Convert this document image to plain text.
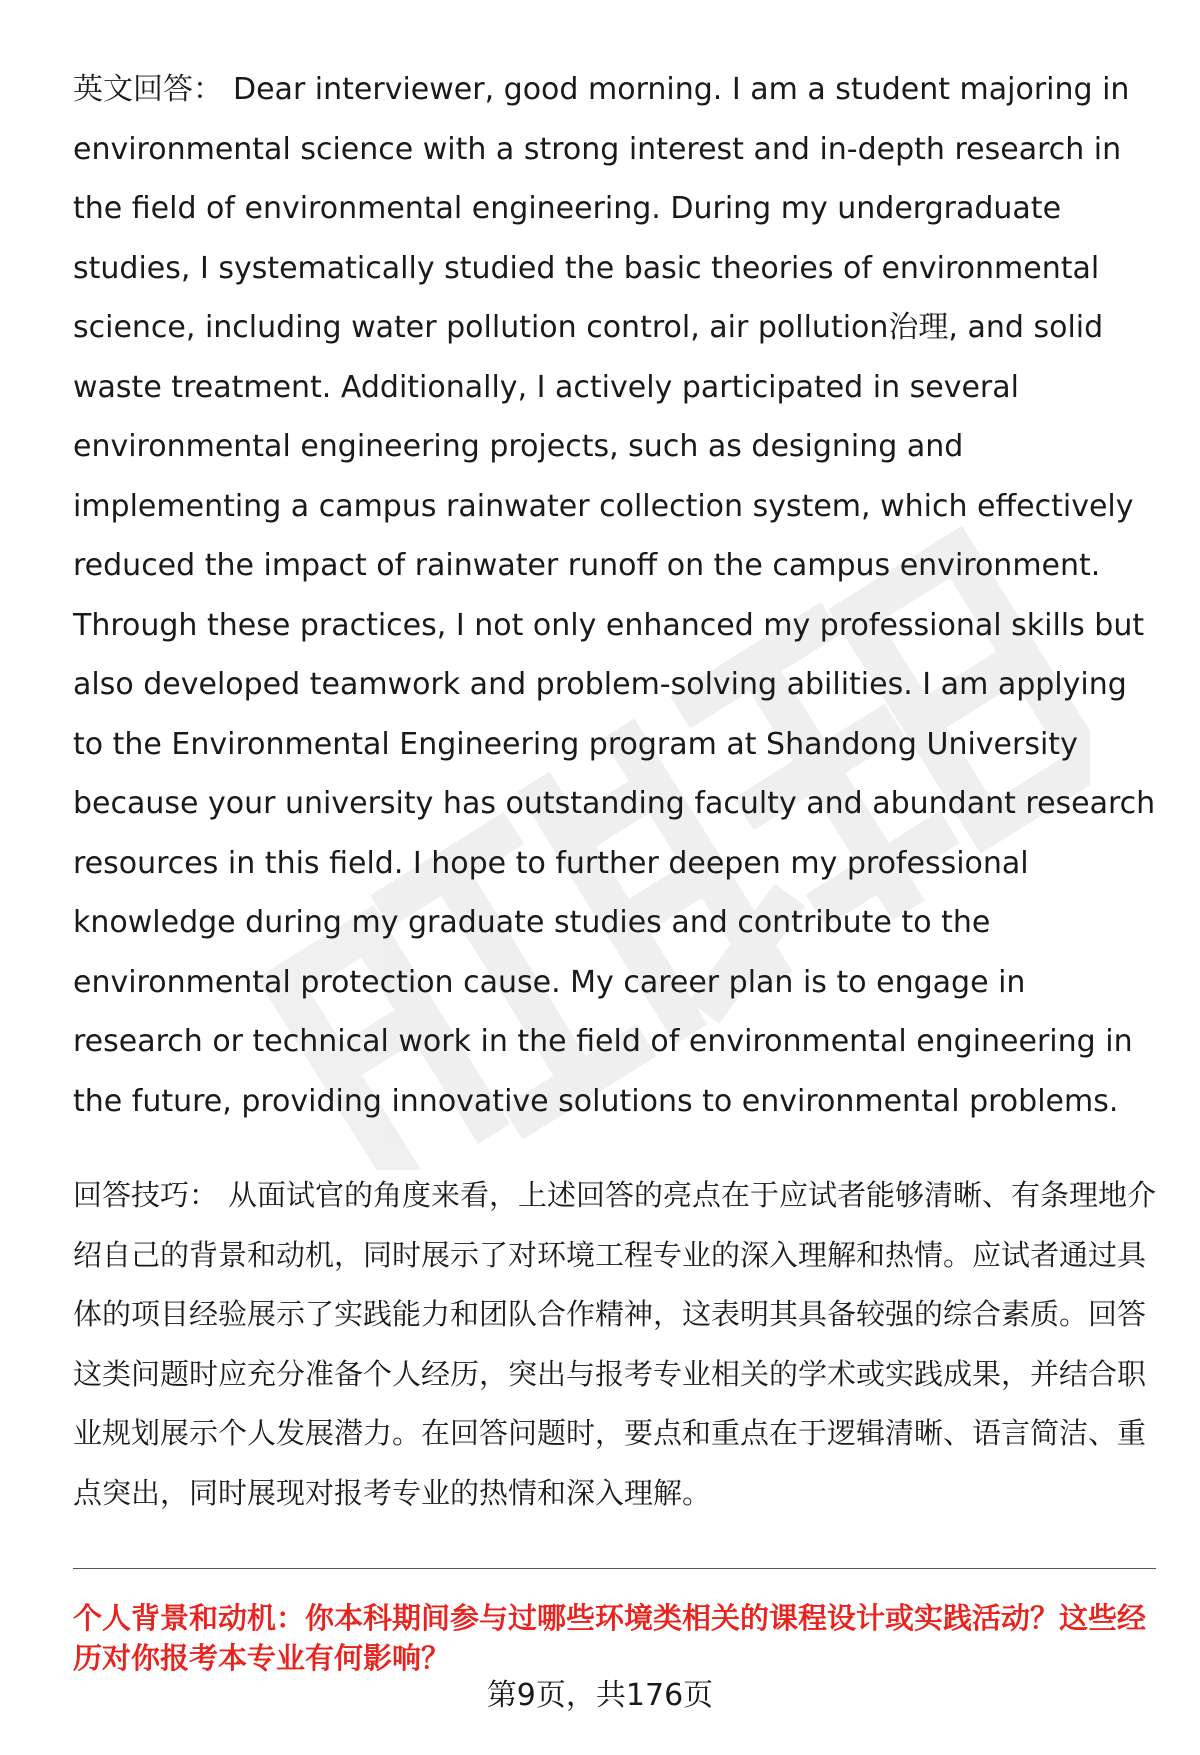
英文回答： Dear interviewer, good morning. I am a student majoring in environmental science with a strong interest and in-depth research in the field of environmental engineering. During my undergraduate studies, I systematically studied the basic theories of environmental science, including water pollution control, air pollution治理, and solid waste treatment. Additionally, I actively participated in several environmental engineering projects, such as designing and implementing a campus rainwater collection system, which effectively reduced the impact of rainwater runoff on the campus environment. Through these practices, I not only enhanced my professional skills but also developed teamwork and problem-solving abilities. I am applying to the Environmental Engineering program at Shandong University because your university has outstanding faculty and abundant research resources in this field. I hope to further deepen my professional knowledge during my graduate studies and contribute to the environmental protection cause. My career plan is to engage in research or technical work in the field of environmental engineering in the future, providing innovative solutions to environmental problems.

回答技巧： 从面试官的角度来看，上述回答的亮点在于应试者能够清晰、有条理地介绍自己的背景和动机，同时展示了对环境工程专业的深入理解和热情。应试者通过具体的项目经验展示了实践能力和团队合作精神，这表明其具备较强的综合素质。回答这类问题时应充分准备个人经历，突出与报考专业相关的学术或实践成果，并结合职业规划展示个人发展潜力。在回答问题时，要点和重点在于逻辑清晰、语言简洁、重点突出，同时展现对报考专业的热情和深入理解。

个人背景和动机：你本科期间参与过哪些环境类相关的课程设计或实践活动？这些经历对你报考本专业有何影响？

第9页，共176页
